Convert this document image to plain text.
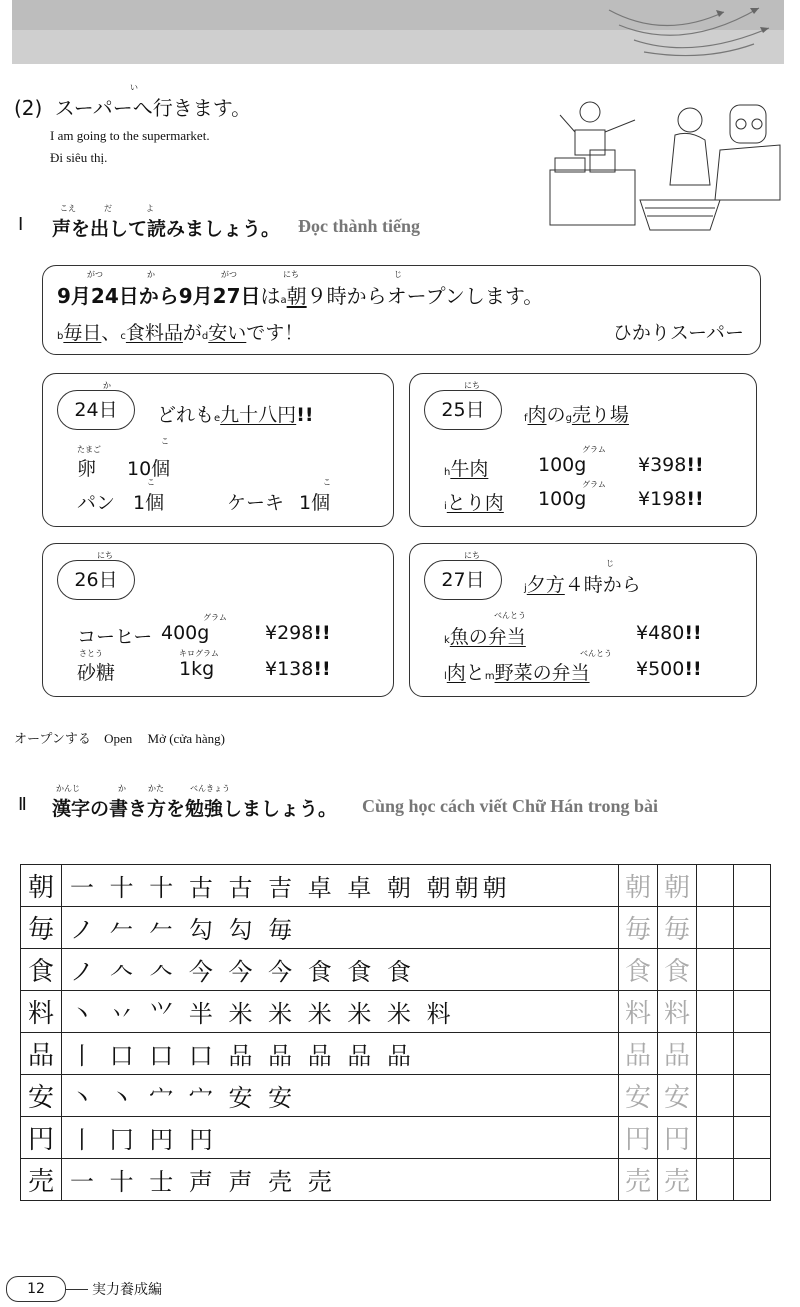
(2) スーパーへ行きます。
い
I am going to the supermarket.
Đi siêu thị.
Ⅰ 声を出して読みましょう。
こえ	だ	よ
Đọc thành tiếng
がつ	か	がつ	にち	じ
9月24日から9月27日はa朝９時からオープンします。
b毎日、c食料品がd安いです！	ひかりスーパー
24日
か
どれもe九十八円!!
たまご
こ
卵 10個
こ	こ
パン 1個	ケーキ 1個
25日
にち
f肉のg売り場
グラム
h牛肉	100g	¥398!!
グラム
iとり肉 100g	¥198!!
26日
にち
グラム
コーヒー 400g	¥298!!
さとう	キログラム
砂糖	1kg	¥138!!
27日
にち
じ
j夕方４時から
べんとう
k魚の弁当	¥480!!
べんとう
l肉とm野菜の弁当 ¥500!!
オープンする Open Mở (cửa hàng)
かんじ	か	かた	べんきょう
Ⅱ 漢字の書き方を勉強しましょう。 Cùng học cách viết Chữ Hán trong bài
朝	一 十 十 古 古 吉 卓 卓 朝 朝朝朝	朝	朝		
毎	ノ 𠂉 𠂉 勾 勾 毎	毎	毎		
食	ノ 𠆢 𠆢 今 今 今 食 食 食	食	食		
料	丶 丷 ⺍ 半 米 米 米 米 米 料	料	料		
品	丨 口 口 口 品 品 品 品 品	品	品		
安	丶 丶 宀 宀 安 安	安	安		
円	丨 冂 円 円	円	円		
売	一 十 士 声 声 壳 売	売	売		
12	実力養成編
